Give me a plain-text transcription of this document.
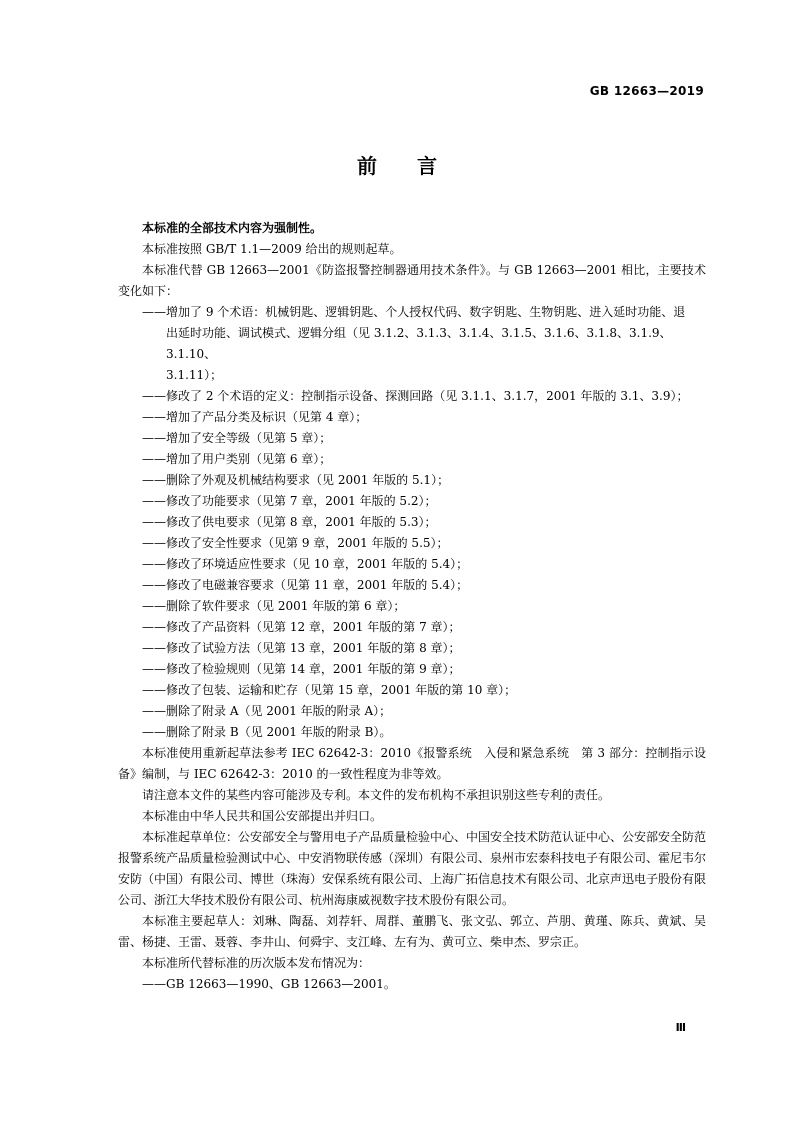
GB 12663—2019
前言

本标准的全部技术内容为强制性。

本标准按照 GB/T 1.1—2009 给出的规则起草。

本标准代替 GB 12663—2001《防盗报警控制器通用技术条件》。与 GB 12663—2001 相比，主要技术变化如下：

——增加了 9 个术语：机械钥匙、逻辑钥匙、个人授权代码、数字钥匙、生物钥匙、进入延时功能、退

出延时功能、调试模式、逻辑分组（见 3.1.2、3.1.3、3.1.4、3.1.5、3.1.6、3.1.8、3.1.9、3.1.10、

3.1.11）；

——修改了 2 个术语的定义：控制指示设备、探测回路（见 3.1.1、3.1.7，2001 年版的 3.1、3.9）；

——增加了产品分类及标识（见第 4 章）；

——增加了安全等级（见第 5 章）；

——增加了用户类别（见第 6 章）；

——删除了外观及机械结构要求（见 2001 年版的 5.1）；

——修改了功能要求（见第 7 章，2001 年版的 5.2）；

——修改了供电要求（见第 8 章，2001 年版的 5.3）；

——修改了安全性要求（见第 9 章，2001 年版的 5.5）；

——修改了环境适应性要求（见 10 章，2001 年版的 5.4）；

——修改了电磁兼容要求（见第 11 章，2001 年版的 5.4）；

——删除了软件要求（见 2001 年版的第 6 章）；

——修改了产品资料（见第 12 章，2001 年版的第 7 章）；

——修改了试验方法（见第 13 章，2001 年版的第 8 章）；

——修改了检验规则（见第 14 章，2001 年版的第 9 章）；

——修改了包装、运输和贮存（见第 15 章，2001 年版的第 10 章）；

——删除了附录 A（见 2001 年版的附录 A）；

——删除了附录 B（见 2001 年版的附录 B）。

本标准使用重新起草法参考 IEC 62642-3：2010《报警系统　入侵和紧急系统　第 3 部分：控制指示设备》编制，与 IEC 62642-3：2010 的一致性程度为非等效。

请注意本文件的某些内容可能涉及专利。本文件的发布机构不承担识别这些专利的责任。

本标准由中华人民共和国公安部提出并归口。

本标准起草单位：公安部安全与警用电子产品质量检验中心、中国安全技术防范认证中心、公安部安全防范报警系统产品质量检验测试中心、中安消物联传感（深圳）有限公司、泉州市宏泰科技电子有限公司、霍尼韦尔安防（中国）有限公司、博世（珠海）安保系统有限公司、上海广拓信息技术有限公司、北京声迅电子股份有限公司、浙江大华技术股份有限公司、杭州海康威视数字技术股份有限公司。

本标准主要起草人：刘琳、陶磊、刘荐轩、周群、董鹏飞、张文弘、郭立、芦朋、黄瑾、陈兵、黄斌、吴雷、杨捷、王雷、聂蓉、李井山、何舜宇、支江峰、左有为、黄可立、柴申杰、罗宗正。

本标准所代替标准的历次版本发布情况为：

——GB 12663—1990、GB 12663—2001。

Ⅲ
